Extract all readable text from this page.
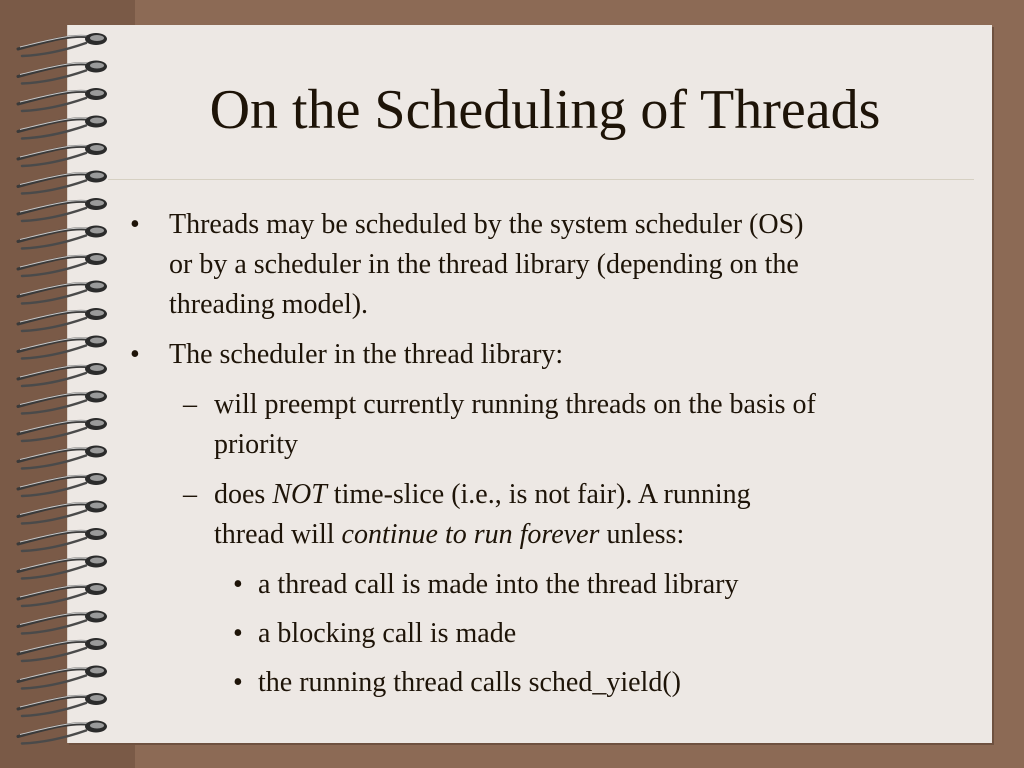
On the Scheduling of Threads
• Threads may be scheduled by the system scheduler (OS)
or by a scheduler in the thread library (depending on the
threading model).
• The scheduler in the thread library:
– will preempt currently running threads on the basis of
priority
– does NOT time-slice (i.e., is not fair). A running
thread will continue to run forever unless:
• a thread call is made into the thread library
• a blocking call is made
• the running thread calls sched_yield()
